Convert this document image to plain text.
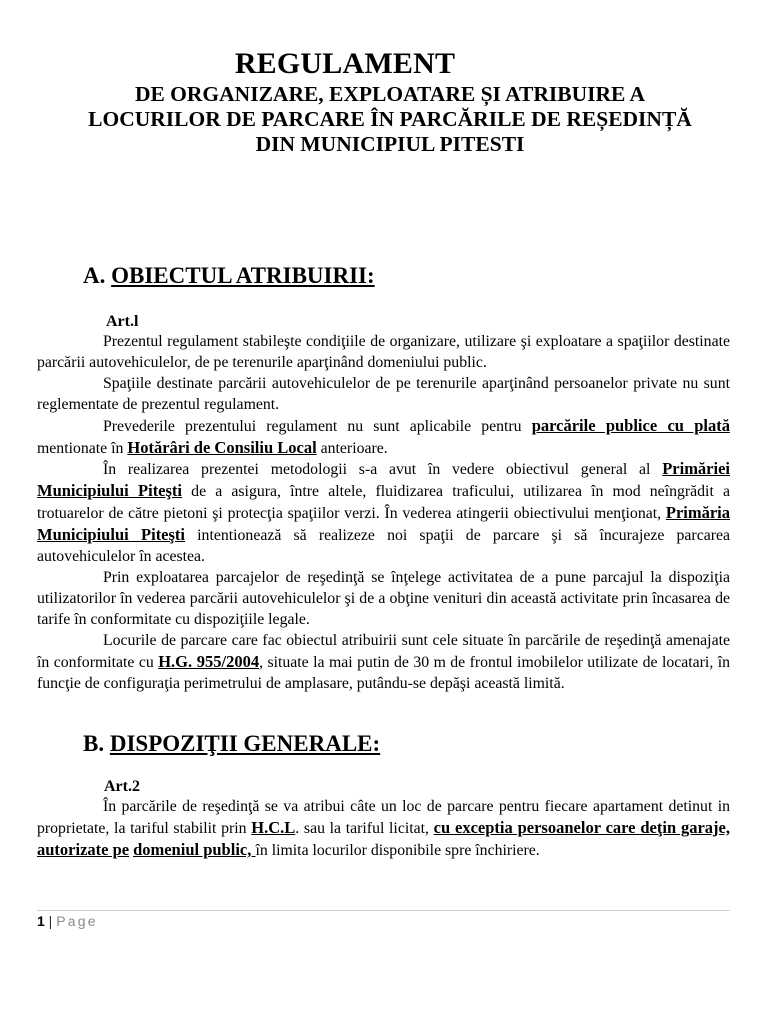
REGULAMENT
DE ORGANIZARE, EXPLOATARE ȘI ATRIBUIRE A
LOCURILOR DE PARCARE ÎN PARCĂRILE DE REȘEDINȚĂ
DIN MUNICIPIUL PITESTI
A. OBIECTUL ATRIBUIRII:
Art.l

Prezentul regulament stabileşte condiţiile de organizare, utilizare şi exploatare a spaţiilor destinate parcării autovehiculelor, de pe terenurile aparţinând domeniului public.

Spaţiile destinate parcării autovehiculelor de pe terenurile aparţinând persoanelor private nu sunt reglementate de prezentul regulament.

Prevederile prezentului regulament nu sunt aplicabile pentru parcările publice cu plată mentionate în Hotărâri de Consiliu Local anterioare.

În realizarea prezentei metodologii s-a avut în vedere obiectivul general al Primăriei Municipiului Piteşti de a asigura, între altele, fluidizarea traficului, utilizarea în mod neîngrădit a trotuarelor de către pietoni şi protecţia spaţiilor verzi. În vederea atingerii obiectivului menţionat, Primăria Municipiului Piteşti intentionează să realizeze noi spaţii de parcare şi să încurajeze parcarea autovehiculelor în acestea.

Prin exploatarea parcajelor de reşedinţă se înţelege activitatea de a pune parcajul la dispoziţia utilizatorilor în vederea parcării autovehiculelor şi de a obţine venituri din această activitate prin încasarea de tarife în conformitate cu dispoziţiile legale.

Locurile de parcare care fac obiectul atribuirii sunt cele situate în parcările de reşedinţă amenajate în conformitate cu H.G. 955/2004, situate la mai putin de 30 m de frontul imobilelor utilizate de locatari, în funcţie de configuraţia perimetrului de amplasare, putându-se depăşi această limită.

B. DISPOZIŢII GENERALE:
Art.2

În parcările de reşedinţă se va atribui câte un loc de parcare pentru fiecare apartament detinut in proprietate, la tariful stabilit prin H.C.L. sau la tariful licitat, cu exceptia persoanelor care deţin garaje, autorizate pe domeniul public, în limita locurilor disponibile spre închiriere.

1 | Page
